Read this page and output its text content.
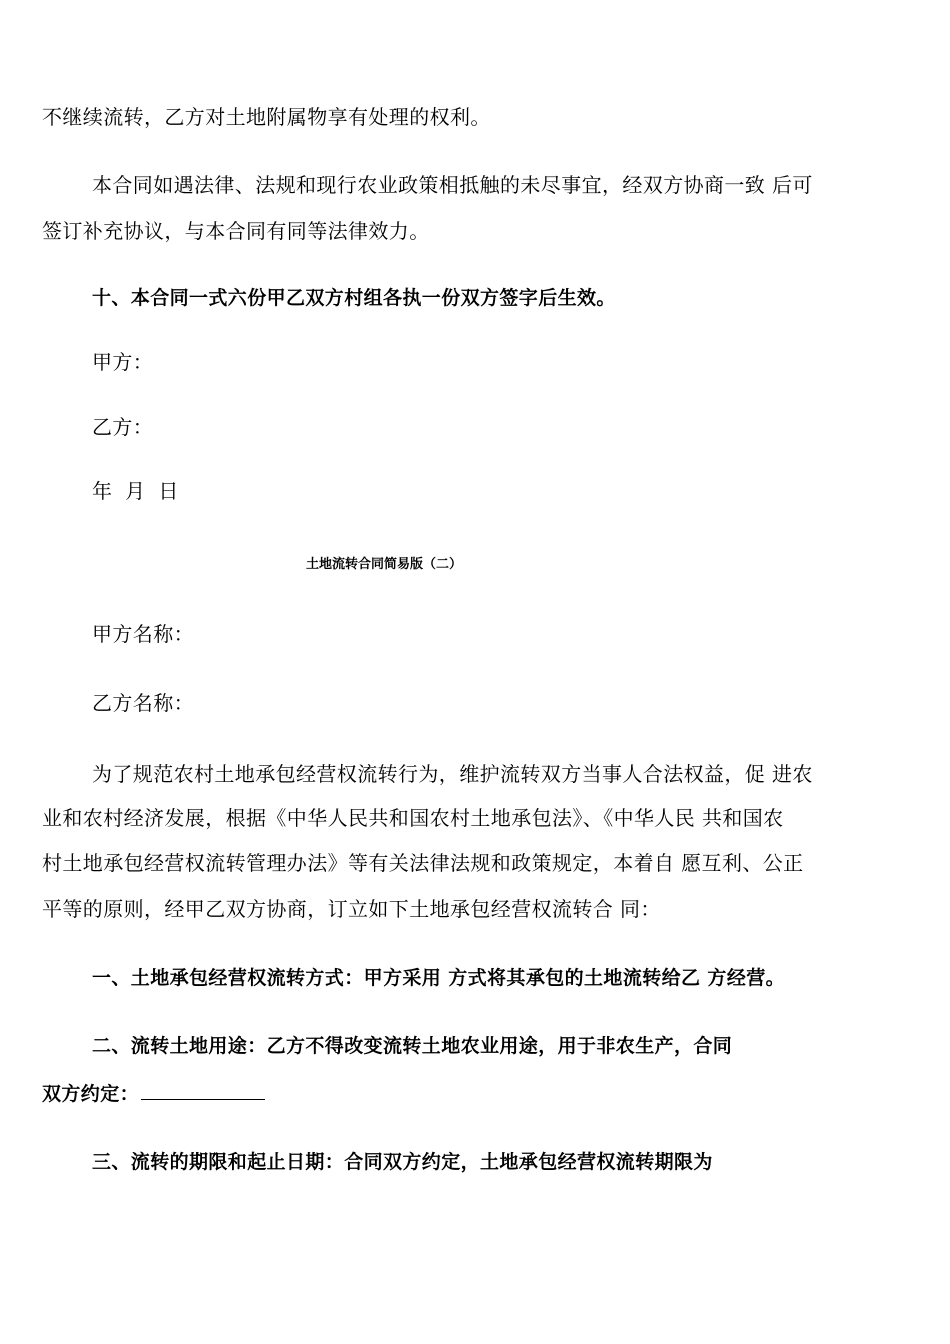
不继续流转，乙方对土地附属物享有处理的权利。
本合同如遇法律、法规和现行农业政策相抵触的未尽事宜，经双方协商一致 后可
签订补充协议，与本合同有同等法律效力。
十、本合同一式六份甲乙双方村组各执一份双方签字后生效。
甲方：
乙方：
年 月 日
土地流转合同简易版（二）
甲方名称：
乙方名称：
为了规范农村土地承包经营权流转行为，维护流转双方当事人合法权益，促 进农
业和农村经济发展，根据《中华人民共和国农村土地承包法》、《中华人民 共和国农
村土地承包经营权流转管理办法》等有关法律法规和政策规定，本着自 愿互利、公正
平等的原则，经甲乙双方协商，订立如下土地承包经营权流转合 同：
一、土地承包经营权流转方式：甲方采用 方式将其承包的土地流转给乙 方经营。
二、流转土地用途：乙方不得改变流转土地农业用途，用于非农生产，合同
双方约定：
三、流转的期限和起止日期：合同双方约定，土地承包经营权流转期限为
